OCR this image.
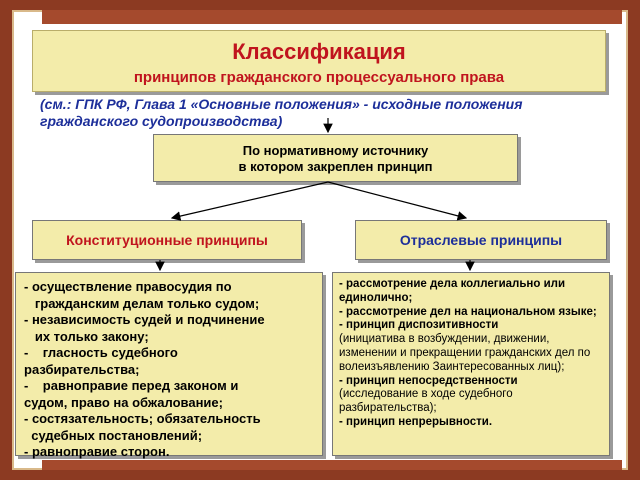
Классификация
принципов гражданского процессуального права
(см.: ГПК РФ, Глава 1 «Основные положения» - исходные положения гражданского судопроизводства)
По нормативному источнику
в котором закреплен принцип
Конституционные принципы	Отраслевые принципы
- осуществление правосудия по
гражданским делам только судом;
- независимость судей и подчинение
их только закону;
-    гласность судебного
разбирательства;
-    равноправие перед законом и
судом, право на обжалование;
- состязательность; обязательность
судебных постановлений;
- равноправие сторон.
- рассмотрение дела коллегиально или единолично;
- рассмотрение дел на национальном языке;
- принцип диспозитивности
(инициатива в возбуждении, движении, изменении и прекращении гражданских дел по волеизъявлению Заинтересованных лиц);
- принцип непосредственности
(исследование в ходе судебного разбирательства);
- принцип непрерывности.
